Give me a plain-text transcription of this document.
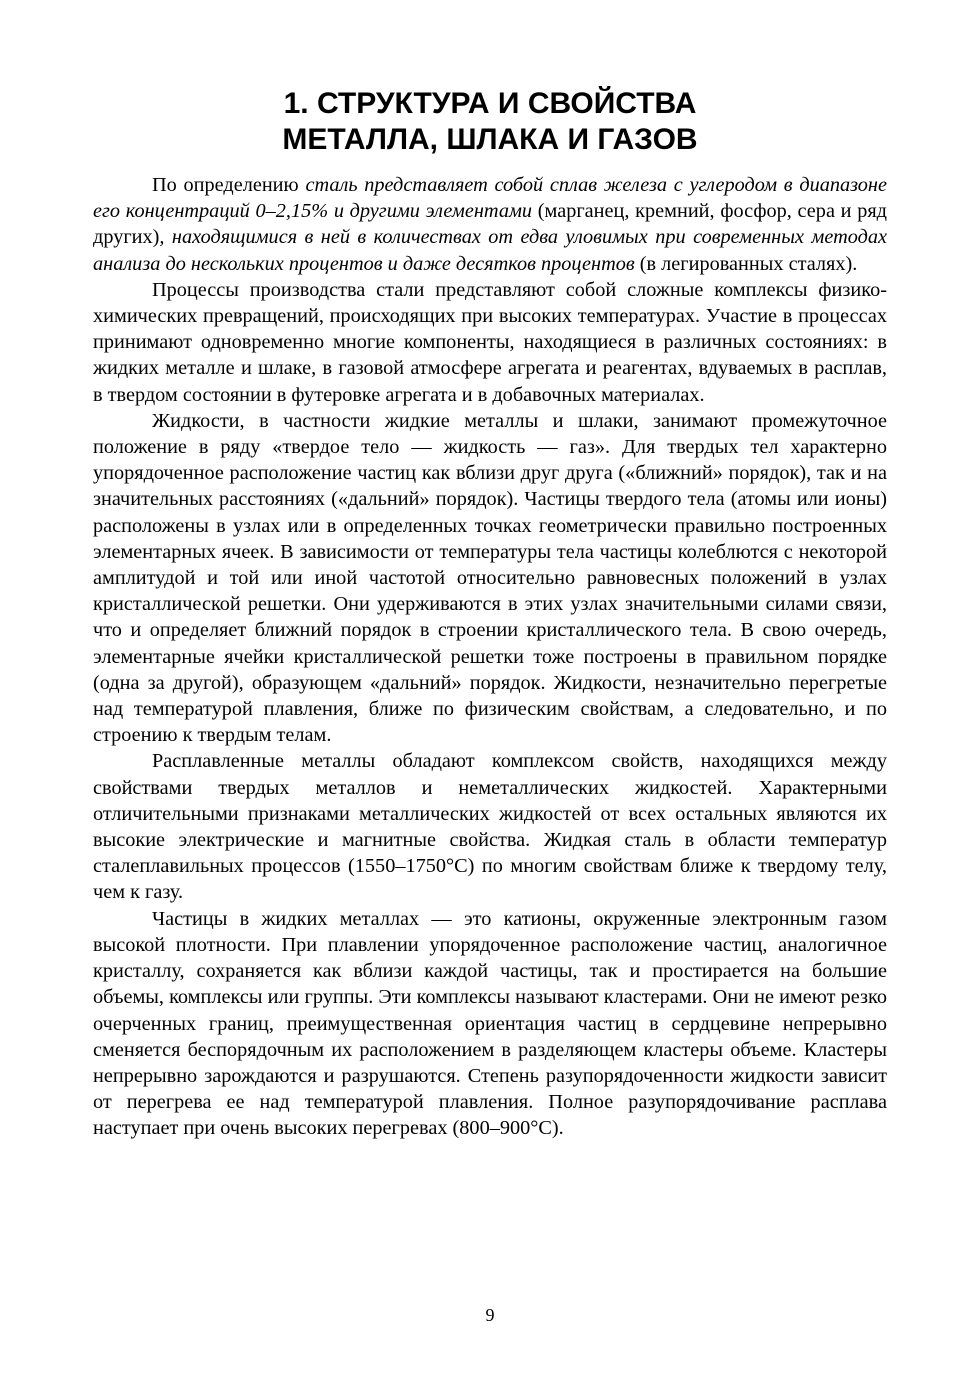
1. СТРУКТУРА И СВОЙСТВА
МЕТАЛЛА, ШЛАКА И ГАЗОВ

По определению сталь представляет собой сплав железа с углеродом в диапазоне его концентраций 0–2,15% и другими элементами (марганец, кремний, фосфор, сера и ряд других), находящимися в ней в количествах от едва уловимых при современных методах анализа до нескольких процентов и даже десятков процентов (в легированных сталях).

Процессы производства стали представляют собой сложные комплексы физико-химических превращений, происходящих при высоких температурах. Участие в процессах принимают одновременно многие компоненты, находящиеся в различных состояниях: в жидких металле и шлаке, в газовой атмосфере агрегата и реагентах, вдуваемых в расплав, в твердом состоянии в футеровке агрегата и в добавочных материалах.

Жидкости, в частности жидкие металлы и шлаки, занимают промежуточное положение в ряду «твердое тело — жидкость — газ». Для твердых тел характерно упорядоченное расположение частиц как вблизи друг друга («ближний» порядок), так и на значительных расстояниях («дальний» порядок). Частицы твердого тела (атомы или ионы) расположены в узлах или в определенных точках геометрически правильно построенных элементарных ячеек. В зависимости от температуры тела частицы колеблются с некоторой амплитудой и той или иной частотой относительно равновесных положений в узлах кристаллической решетки. Они удерживаются в этих узлах значительными силами связи, что и определяет ближний порядок в строении кристаллического тела. В свою очередь, элементарные ячейки кристаллической решетки тоже построены в правильном порядке (одна за другой), образующем «дальний» порядок. Жидкости, незначительно перегретые над температурой плавления, ближе по физическим свойствам, а следовательно, и по строению к твердым телам.

Расплавленные металлы обладают комплексом свойств, находящихся между свойствами твердых металлов и неметаллических жидкостей. Характерными отличительными признаками металлических жидкостей от всех остальных являются их высокие электрические и магнитные свойства. Жидкая сталь в области температур сталеплавильных процессов (1550–1750°С) по многим свойствам ближе к твердому телу, чем к газу.

Частицы в жидких металлах — это катионы, окруженные электронным газом высокой плотности. При плавлении упорядоченное расположение частиц, аналогичное кристаллу, сохраняется как вблизи каждой частицы, так и простирается на большие объемы, комплексы или группы. Эти комплексы называют кластерами. Они не имеют резко очерченных границ, преимущественная ориентация частиц в сердцевине непрерывно сменяется беспорядочным их расположением в разделяющем кластеры объеме. Кластеры непрерывно зарождаются и разрушаются. Степень разупорядоченности жидкости зависит от перегрева ее над температурой плавления. Полное разупорядочивание расплава наступает при очень высоких перегревах (800–900°С).

9
